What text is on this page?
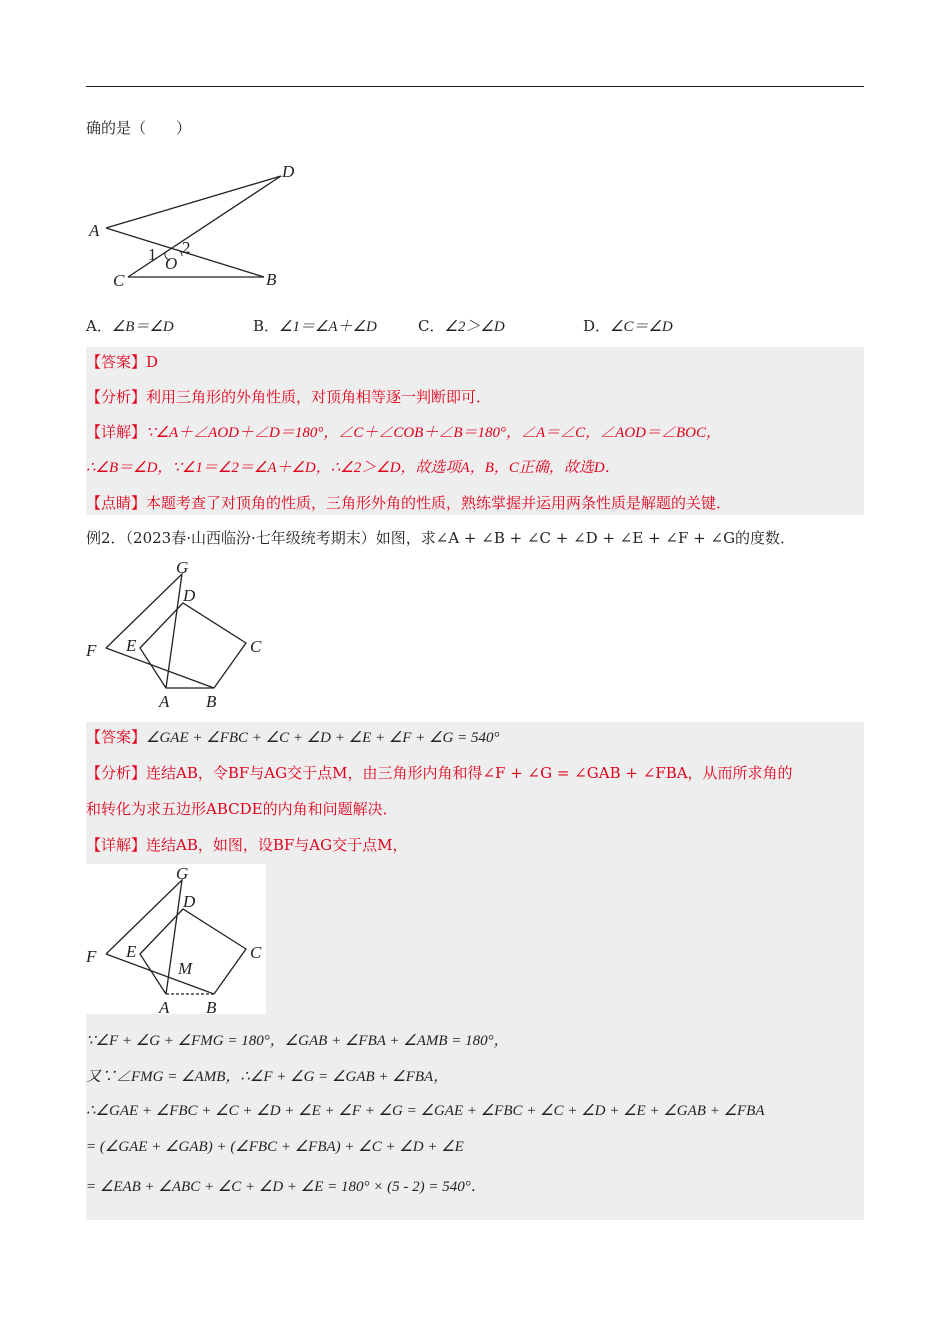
确的是（　　）
D
A
C	B
O
1 2
A．∠B＝∠D	B．∠1＝∠A＋∠D	C．∠2＞∠D	D．∠C＝∠D
【答案】D
【分析】利用三角形的外角性质，对顶角相等逐一判断即可．
【详解】∵∠A＋∠AOD＋∠D＝180°，∠C＋∠COB＋∠B＝180°，∠A＝∠C，∠AOD＝∠BOC，
∴∠B＝∠D，∵∠1＝∠2＝∠A＋∠D，∴∠2＞∠D，故选项A，B，C正确，故选D．
【点睛】本题考查了对顶角的性质，三角形外角的性质，熟练掌握并运用两条性质是解题的关键．
例2．（2023春·山西临汾·七年级统考期末）如图，求∠A + ∠B + ∠C + ∠D + ∠E + ∠F + ∠G的度数．
G
D
F E	C
A B
【答案】∠GAE + ∠FBC + ∠C + ∠D + ∠E + ∠F + ∠G = 540°
【分析】连结AB，令BF与AG交于点M，由三角形内角和得∠F + ∠G = ∠GAB + ∠FBA，从而所求角的
和转化为求五边形ABCDE的内角和问题解决．
【详解】连结AB，如图，设BF与AG交于点M，
G
D
F E
M
C
A B
∵∠F + ∠G + ∠FMG = 180°，∠GAB + ∠FBA + ∠AMB = 180°，
又∵∠FMG = ∠AMB，∴∠F + ∠G = ∠GAB + ∠FBA，
∴∠GAE + ∠FBC + ∠C + ∠D + ∠E + ∠F + ∠G = ∠GAE + ∠FBC + ∠C + ∠D + ∠E + ∠GAB + ∠FBA
= (∠GAE + ∠GAB) + (∠FBC + ∠FBA) + ∠C + ∠D + ∠E
= ∠EAB + ∠ABC + ∠C + ∠D + ∠E = 180° × (5 - 2) = 540°．
